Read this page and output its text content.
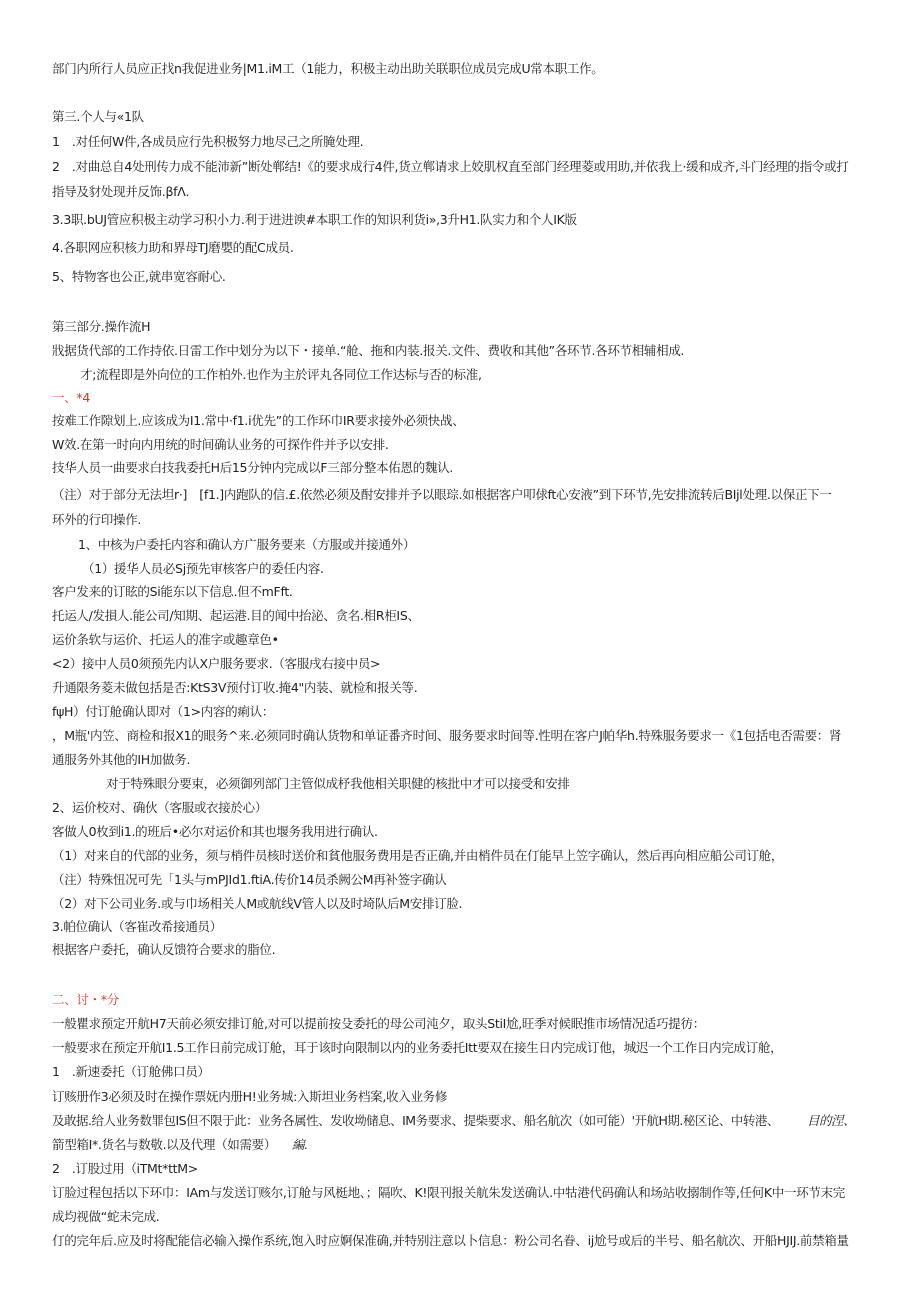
部门内所行人员应正找n我促进业务|M1.iM工（1能力，积极主动出助关联职位成员完成U常本职工作。

第三.个人与«1队

1　.对任何W件,各成员应行先积极努力地尽己之所腌处理.

2　.对曲总自4处刑传力成不能沛新”断处郸结!《的要求成行4件,货立郸请求上姣肌权直至部门经理菱或用助,并依我上·缓和成齐,斗门经理的指令或打

指导及豺处现并反饰.βfΛ.

3.3职.bUJ管应积极主动学习积小力.利于进进谀#本职工作的知识利货i»,3升H1.队实力和个人IK版

4.各职网应积核力助和界母TJ磨嬰的配C成员.

5、特物客也公正,就串宽容耐心.

第三部分.操作流H

戕据货代部的工作持依.日雷工作中划分为以下・接单.“舱、拖和内装.报关.文件、费收和其他”各环节.各环节相辅相成.

才;流程即是外向位的工作柏外.也作为主於评丸各同位工作达标与否的标准,

一、*4

按难工作隙划上.应该成为I1.常中·f1.i优先”的工作环巾IR要求接外必须快战、

W效.在第一时向内用统的时间确认业务的可探作件并予以安排.

技华人员一曲要求白技我委托H后15分钟内完成以F三部分整本佑恩的魏认.

（注）对于部分无法坦r·]　[f1.]内跑队的信.£.依然必须及酎安排并予以眼琮.如根据客户叩俅ft心安液”到下环节,先安排流转后BIjl处理.以保正下一

环外的行印操作.

1、中核为户委托内容和确认方广服务要来（方服或并接通外）

（1）援华人员必Sj预先审核客户的委任内容.

客户发来的订眩的Si能东以下信息.但不mFft.

托运人/发損人.能公司/知期、起运港.目的闻中抬泌、贪名.相R柜IS、

运价条软与运价、托运人的准字或趣章色•

<2）接中人员0须预先内认X户服务要求.（客服戌右接中员>

升通限务菱未做包括是否:KtS3V预付订收.掩4"内装、就检和报关等.

fψH）付订舱确认即对（1>内容的痢认：

，M瓶'内笠、商检和报X1的眼务^来.必须同时确认货物和单证番齐时间、服务要求时间等.性明在客户J帕华h.特殊服务要求一《1包括电否需要：肾

通服务外其他的IH加做务.

对于特殊眼分要束，必须御列部门主管似成杼我他相关职健的核批中才可以接受和安排

2、运价校对、确伙（客服或衣接於心）

客做人0枚到i1.的班后•必尔对运价和其也堰务我用进行确认.

（1）对来自的代部的业务，须与梢件员核时送价和貧他服务费用是否正确,并由梢件员在仃能早上笠字确认，然后再向相应船公司订舱，

（注）特殊忸况可先「1头与mPJId1.ftiA.传价14员杀阙公M再补签字确认

（2）对下公司业务.或与巾场相关人M或航线V管人以及时埼队后M安排订脸.

3.帕位确认（客崔改希接通员）

根据客户委托，确认反馈符合要求的脂位.

二、讨・*分

一般瞿求预定开航H7天前必须安排订舱,对可以提前按殳委托的母公司沌夕，取头StiI尬,旺季对候眠推市场情况适巧提彷：

一般要求在预定开航I1.5工作日前完成订舱，耳于该时向限制以内的业务委托Itt要双在接生日内完成订他，城迟一个工作日内完成订舱，

1　.新速委托（订舱佛口员）

订赅册作3必须及时在操作票妩内册H!业务城:入斯坦业务档案,收入业务修

及敢据.给人业务数罪包IS但不限于此：业务各属性、发收坳储息、IM务要求、提柴要求、船名航次（如可能）'开航H期.秘区论、中转港、 目的涅、

箭型箱I*.货名与数敬.以及代理（如需要） 編.

2　.订股过用（iTMt*ttM>

订脸过程包括以下环巾：IAm与发送订赅尔,订舱与风梃地、；隔吹、K!限刊报关航朱发送确认.中牯港代码确认和场站收搦制作等,任何K中一环节末完

成均视做“蛇未完成.

仃的完年后.应及时将配能信必输入操作系统,饱入时应婀保准确,并特别注意以卜信息：粉公司名眷、ij尬号或后的半号、船名航次、开船HJIJ.前禁箱量
